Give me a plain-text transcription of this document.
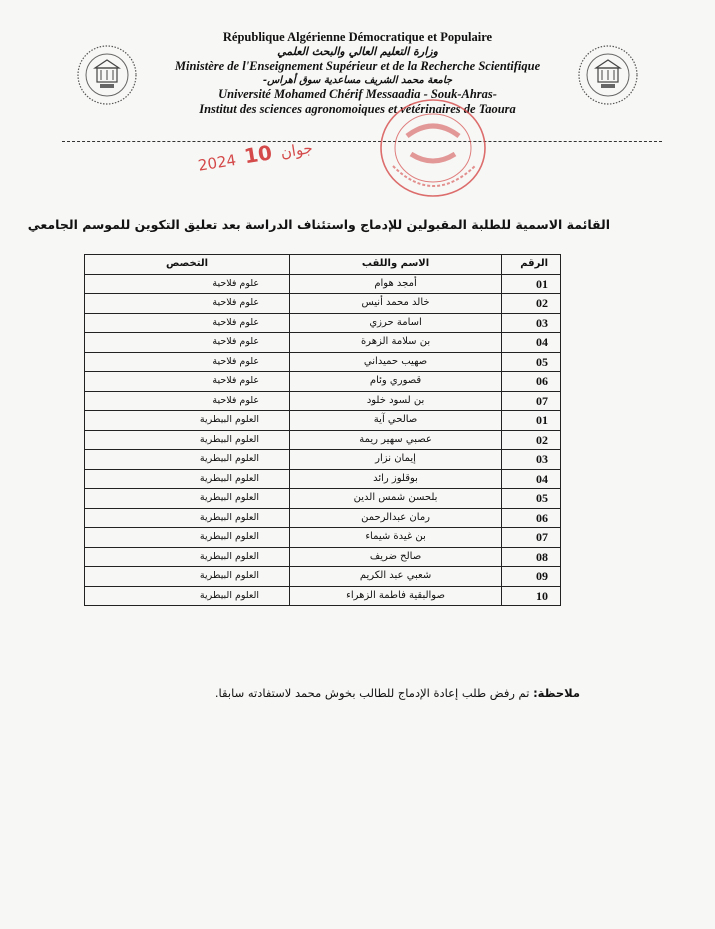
République Algérienne Démocratique et Populaire
وزارة التعليم العالي والبحث العلمي
Ministère de l'Enseignement Supérieur et de la Recherche Scientifique
جامعة محمد الشريف مساعدية سوق أهراس-
Université Mohamed Chérif Messaadia - Souk-Ahras-
Institut des sciences agronomoiques et vétérinaires de Taoura
2024 جوان 10
القائمة الاسمية للطلبة المقبولين للإدماج واستئناف الدراسة بعد تعليق التكوين للموسم الجامعي
الرقم	الاسم واللقب	التخصص
01	أمجد هوام	علوم فلاحية
02	خالد محمد أنيس	علوم فلاحية
03	اسامة حرزي	علوم فلاحية
04	بن سلامة الزهرة	علوم فلاحية
05	صهيب حميداني	علوم فلاحية
06	قصوري وئام	علوم فلاحية
07	بن لسود خلود	علوم فلاحية
01	صالحي آية	العلوم البيطرية
02	عصبي سهير ريمة	العلوم البيطرية
03	إيمان نزار	العلوم البيطرية
04	بوقلوز رائد	العلوم البيطرية
05	بلحسن شمس الدين	العلوم البيطرية
06	رمان عبدالرحمن	العلوم البيطرية
07	بن غيدة شيماء	العلوم البيطرية
08	صالح ضريف	العلوم البيطرية
09	شعبي عبد الكريم	العلوم البيطرية
10	صوالبقية فاطمة الزهراء	العلوم البيطرية
ملاحظة: تم رفض طلب إعادة الإدماج للطالب بخوش محمد لاستفادته سابقا.
